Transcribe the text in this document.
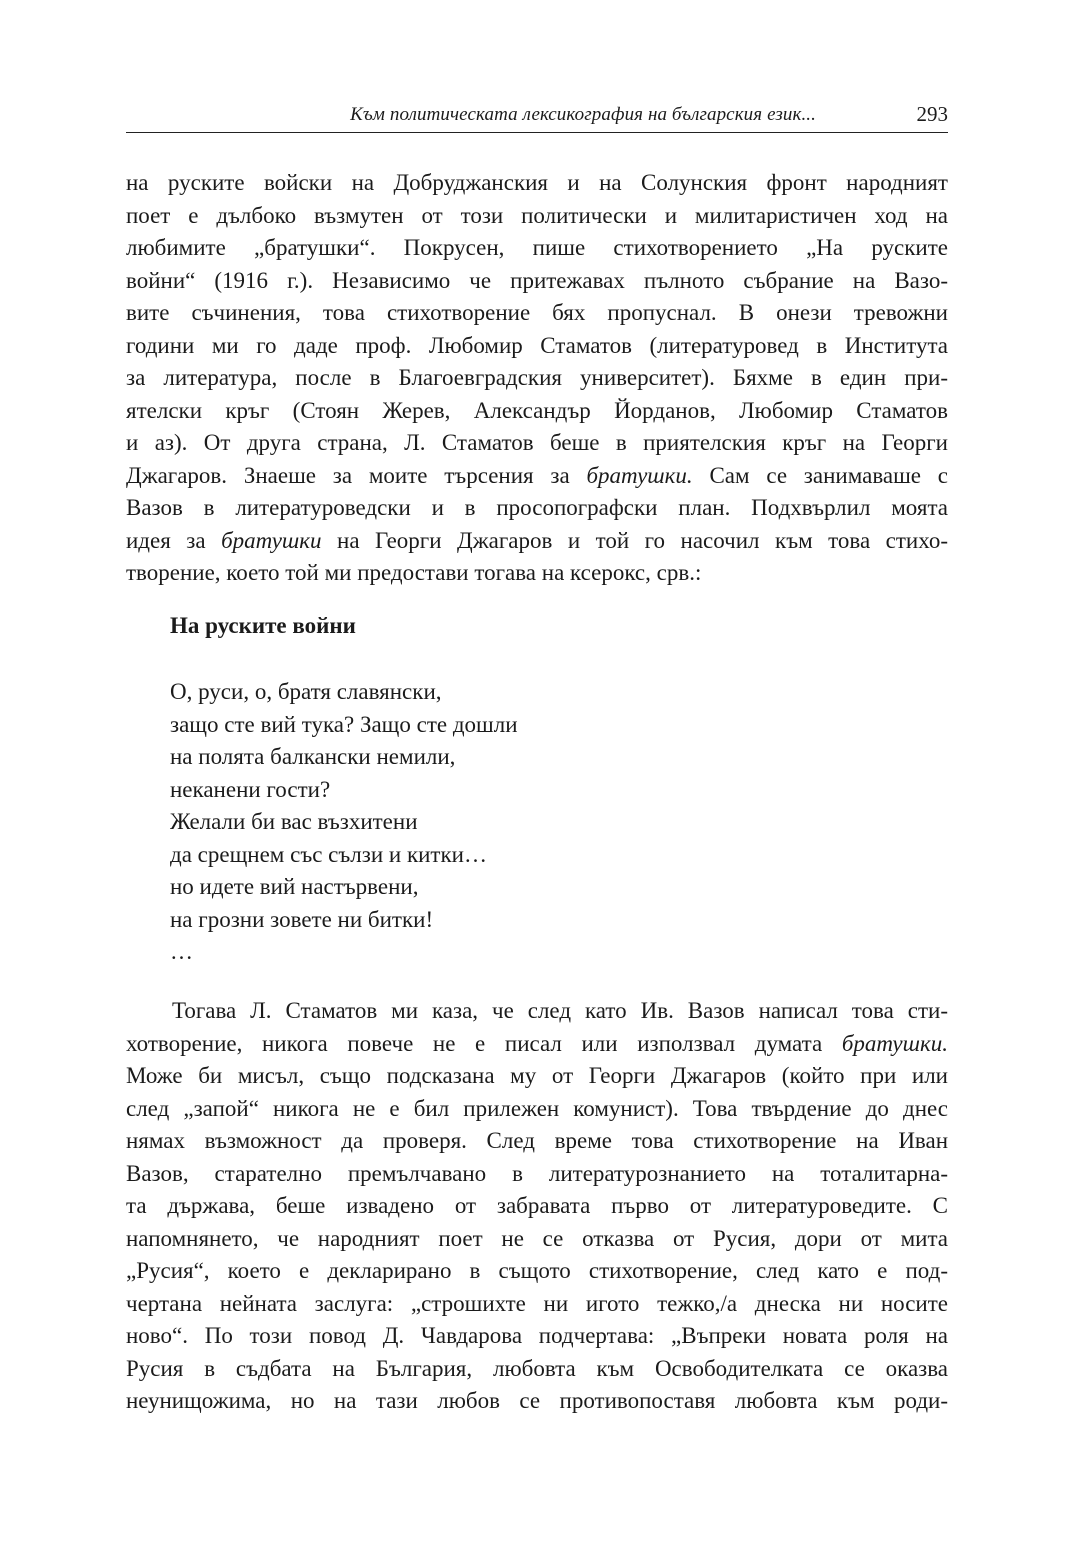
Към политическата лексикография на българския език...	293
на руските войски на Добруджанския и на Солунския фронт народният
поет е дълбоко възмутен от този политически и милитаристичен ход на
любимите „братушки“. Покрусен, пише стихотворението „На руските
войни“ (1916 г.). Независимо че притежавах пълното събрание на Вазо-
вите съчинения, това стихотворение бях пропуснал. В онези тревожни
години ми го даде проф. Любомир Стаматов (литературовед в Института
за литература, после в Благоевградския университет). Бяхме в един при-
ятелски кръг (Стоян Жерев, Александър Йорданов, Любомир Стаматов
и аз). От друга страна, Л. Стаматов беше в приятелския кръг на Георги
Джагаров. Знаеше за моите търсения за братушки. Сам се занимаваше с
Вазов в литературоведски и в просопографски план. Подхвърлил моята
идея за братушки на Георги Джагаров и той го насочил към това стихо-
творение, което той ми предостави тогава на ксерокс, срв.:
На руските войни
О, руси, о, братя славянски,
защо сте вий тука? Защо сте дошли
на полята балкански немили,
неканени гости?
Желали би вас възхитени
да срещнем със сълзи и китки…
но идете вий настървени,
на грозни зовете ни битки!
…
Тогава Л. Стаматов ми каза, че след като Ив. Вазов написал това сти-
хотворение, никога повече не е писал или използвал думата братушки.
Може би мисъл, също подсказана му от Георги Джагаров (който при или
след „запой“ никога не е бил прилежен комунист). Това твърдение до днес
нямах възможност да проверя. След време това стихотворение на Иван
Вазов, старателно премълчавано в литературознанието на тоталитарна-
та държава, беше извадено от забравата първо от литературоведите. С
напомнянето, че народният поет не се отказва от Русия, дори от мита
„Русия“, което е декларирано в същото стихотворение, след като е под-
чертана нейната заслуга: „строшихте ни игото тежко,/а днеска ни носите
ново“. По този повод Д. Чавдарова подчертава: „Въпреки новата роля на
Русия в съдбата на България, любовта към Освободителката се оказва
неунищожима, но на тази любов се противопоставя любовта към роди-
